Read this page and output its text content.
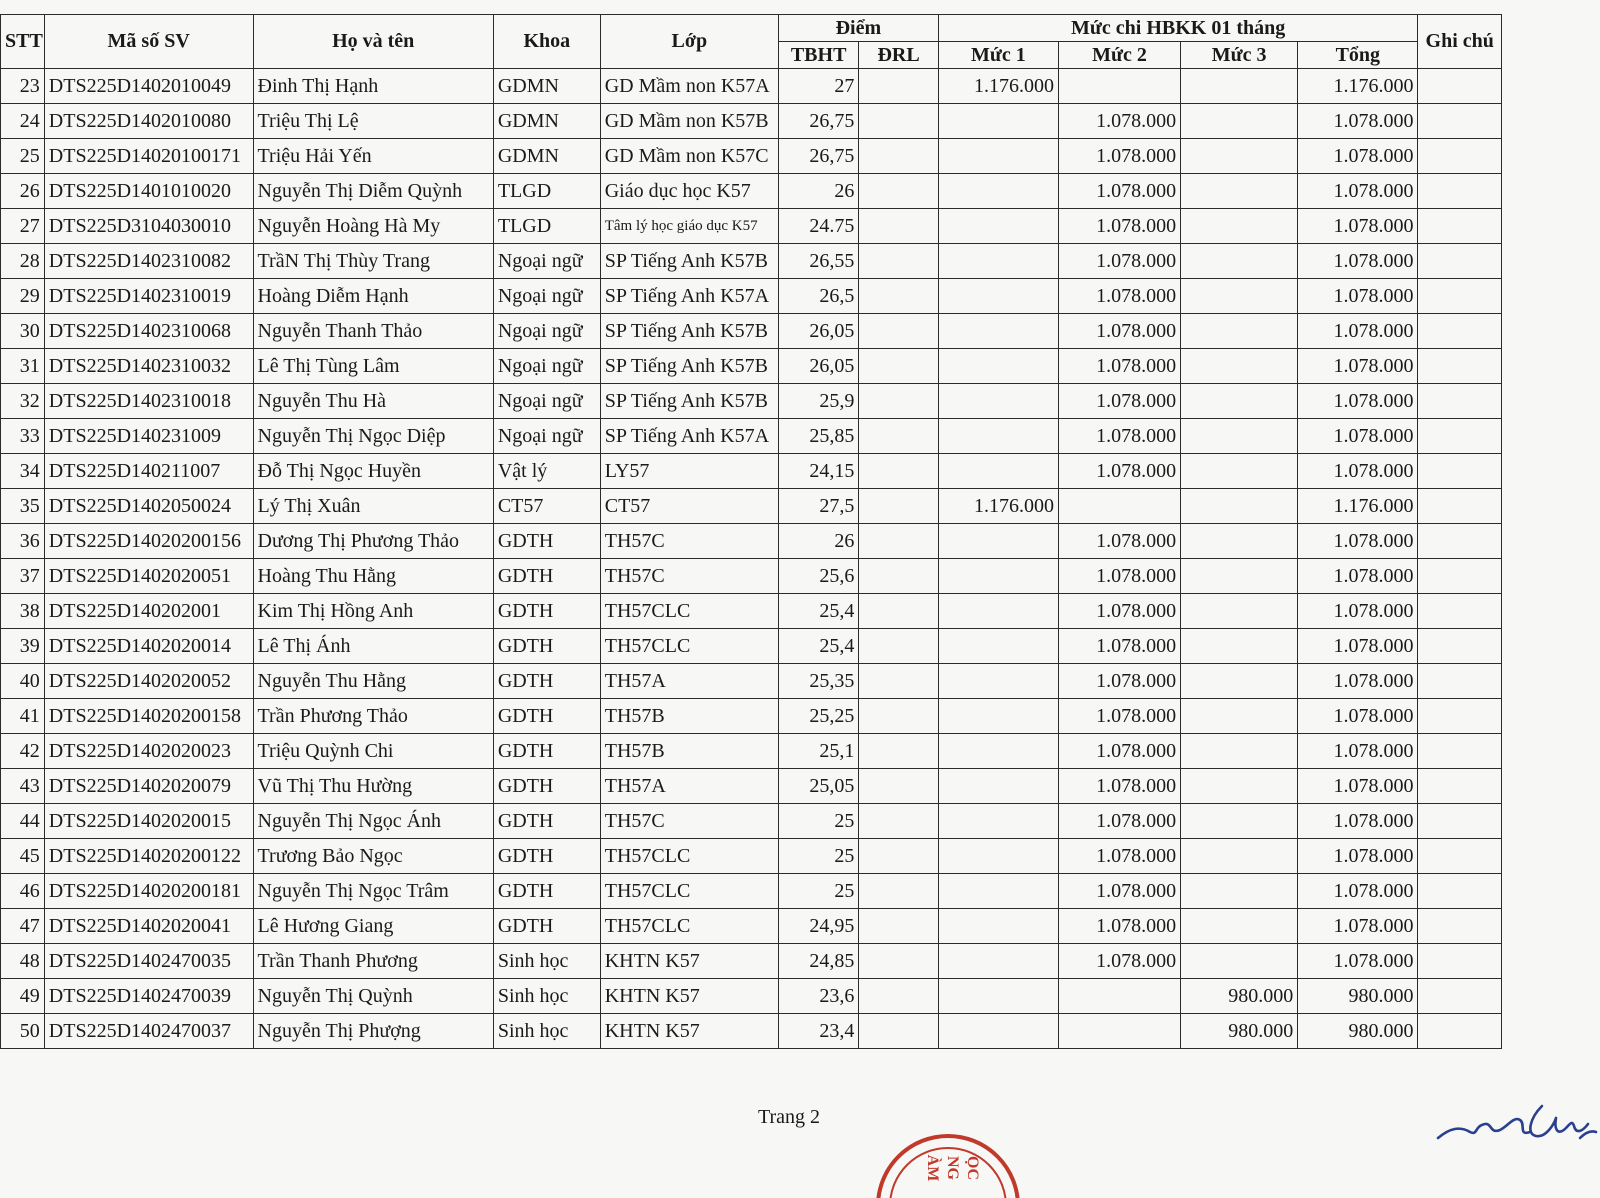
STT	Mã số SV	Họ và tên	Khoa	Lớp	Điểm		Mức chi HBKK 01 tháng				Ghi chú
					TBHT	ĐRL	Mức 1	Mức 2	Mức 3	Tổng	
23	DTS225D1402010049	Đinh Thị Hạnh	GDMN	GD Mầm non K57A	27		1.176.000			1.176.000	
24	DTS225D1402010080	Triệu Thị Lệ	GDMN	GD Mầm non K57B	26,75			1.078.000		1.078.000	
25	DTS225D14020100171	Triệu Hải Yến	GDMN	GD Mầm non K57C	26,75			1.078.000		1.078.000	
26	DTS225D1401010020	Nguyễn Thị Diễm Quỳnh	TLGD	Giáo dục học K57	26			1.078.000		1.078.000	
27	DTS225D3104030010	Nguyễn Hoàng Hà My	TLGD	Tâm lý học giáo dục K57	24.75			1.078.000		1.078.000	
28	DTS225D1402310082	TrầN Thị Thùy Trang	Ngoại ngữ	SP Tiếng Anh K57B	26,55			1.078.000		1.078.000	
29	DTS225D1402310019	Hoàng Diễm Hạnh	Ngoại ngữ	SP Tiếng Anh K57A	26,5			1.078.000		1.078.000	
30	DTS225D1402310068	Nguyễn Thanh Thảo	Ngoại ngữ	SP Tiếng Anh K57B	26,05			1.078.000		1.078.000	
31	DTS225D1402310032	Lê Thị Tùng Lâm	Ngoại ngữ	SP Tiếng Anh K57B	26,05			1.078.000		1.078.000	
32	DTS225D1402310018	Nguyễn Thu Hà	Ngoại ngữ	SP Tiếng Anh K57B	25,9			1.078.000		1.078.000	
33	DTS225D140231009	Nguyễn Thị Ngọc Diệp	Ngoại ngữ	SP Tiếng Anh K57A	25,85			1.078.000		1.078.000	
34	DTS225D140211007	Đỗ Thị Ngọc Huyền	Vật lý	LY57	24,15			1.078.000		1.078.000	
35	DTS225D1402050024	Lý Thị Xuân	CT57	CT57	27,5		1.176.000			1.176.000	
36	DTS225D14020200156	Dương Thị Phương Thảo	GDTH	TH57C	26			1.078.000		1.078.000	
37	DTS225D1402020051	Hoàng Thu Hằng	GDTH	TH57C	25,6			1.078.000		1.078.000	
38	DTS225D140202001	Kim Thị Hồng Anh	GDTH	TH57CLC	25,4			1.078.000		1.078.000	
39	DTS225D1402020014	Lê Thị Ánh	GDTH	TH57CLC	25,4			1.078.000		1.078.000	
40	DTS225D1402020052	Nguyễn Thu Hằng	GDTH	TH57A	25,35			1.078.000		1.078.000	
41	DTS225D14020200158	Trần Phương Thảo	GDTH	TH57B	25,25			1.078.000		1.078.000	
42	DTS225D1402020023	Triệu Quỳnh Chi	GDTH	TH57B	25,1			1.078.000		1.078.000	
43	DTS225D1402020079	Vũ Thị Thu Hường	GDTH	TH57A	25,05			1.078.000		1.078.000	
44	DTS225D1402020015	Nguyễn Thị Ngọc Ánh	GDTH	TH57C	25			1.078.000		1.078.000	
45	DTS225D14020200122	Trương Bảo Ngọc	GDTH	TH57CLC	25			1.078.000		1.078.000	
46	DTS225D14020200181	Nguyễn Thị Ngọc Trâm	GDTH	TH57CLC	25			1.078.000		1.078.000	
47	DTS225D1402020041	Lê Hương Giang	GDTH	TH57CLC	24,95			1.078.000		1.078.000	
48	DTS225D1402470035	Trần Thanh Phương	Sinh học	KHTN K57	24,85			1.078.000		1.078.000	
49	DTS225D1402470039	Nguyễn Thị Quỳnh	Sinh học	KHTN K57	23,6				980.000	980.000	
50	DTS225D1402470037	Nguyễn Thị Phượng	Sinh học	KHTN K57	23,4				980.000	980.000	
Trang 2
NG ỌC
ÀM
